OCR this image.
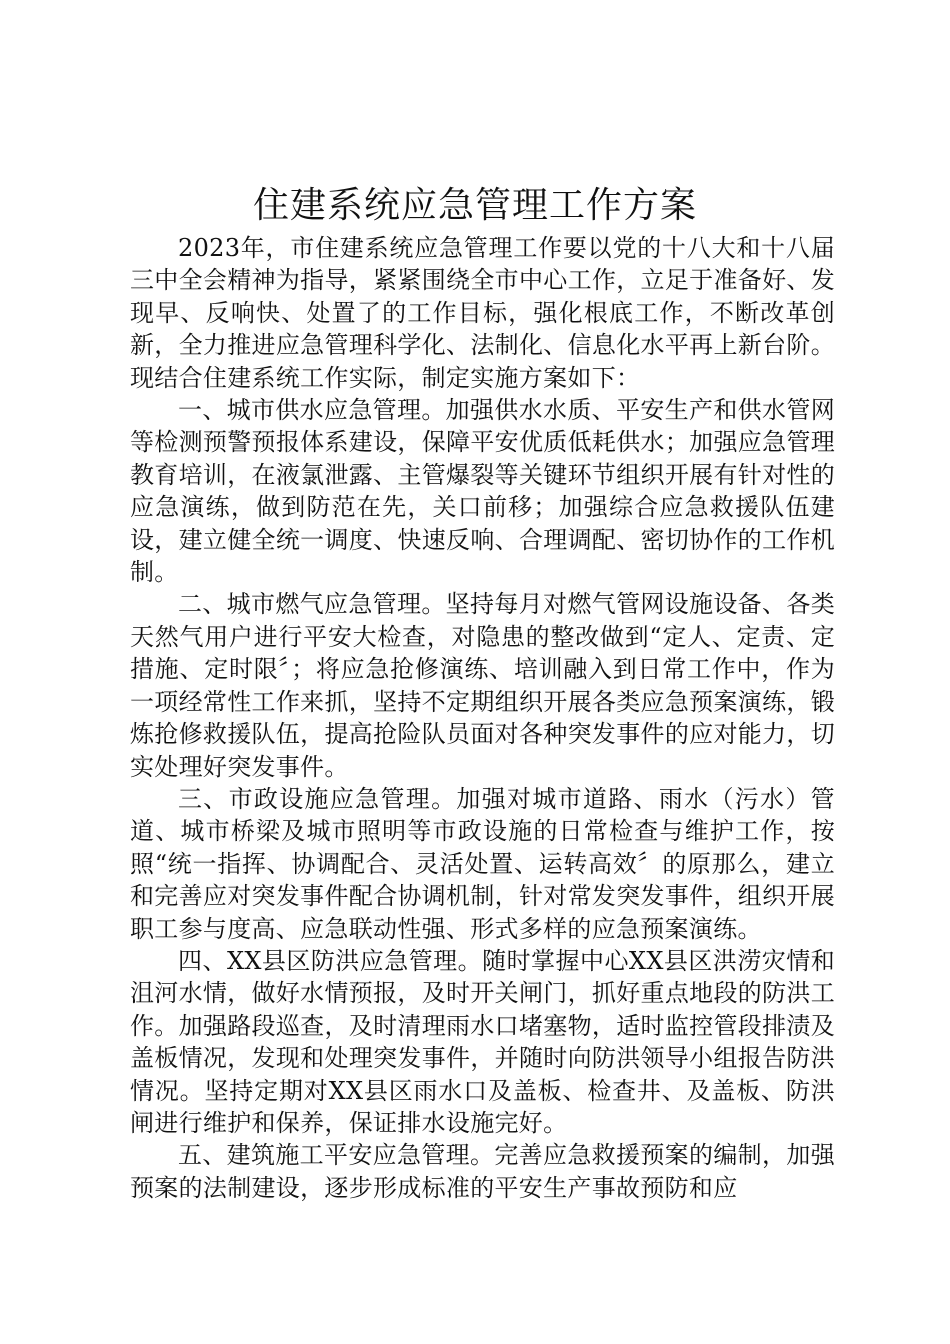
住建系统应急管理工作方案

2023年，市住建系统应急管理工作要以党的十八大和十八届三中全会精神为指导，紧紧围绕全市中心工作，立足于准备好、发现早、反响快、处置了的工作目标，强化根底工作，不断改革创新，全力推进应急管理科学化、法制化、信息化水平再上新台阶。现结合住建系统工作实际，制定实施方案如下：

一、城市供水应急管理。加强供水水质、平安生产和供水管网等检测预警预报体系建设，保障平安优质低耗供水；加强应急管理教育培训，在液氯泄露、主管爆裂等关键环节组织开展有针对性的应急演练，做到防范在先，关口前移；加强综合应急救援队伍建设，建立健全统一调度、快速反响、合理调配、密切协作的工作机制。

二、城市燃气应急管理。坚持每月对燃气管网设施设备、各类天然气用户进行平安大检查，对隐患的整改做到“定人、定责、定措施、定时限〞；将应急抢修演练、培训融入到日常工作中，作为一项经常性工作来抓，坚持不定期组织开展各类应急预案演练，锻炼抢修救援队伍，提高抢险队员面对各种突发事件的应对能力，切实处理好突发事件。

三、市政设施应急管理。加强对城市道路、雨水（污水）管道、城市桥梁及城市照明等市政设施的日常检查与维护工作，按照“统一指挥、协调配合、灵活处置、运转高效〞的原那么，建立和完善应对突发事件配合协调机制，针对常发突发事件，组织开展职工参与度高、应急联动性强、形式多样的应急预案演练。

四、XX县区防洪应急管理。随时掌握中心XX县区洪涝灾情和沮河水情，做好水情预报，及时开关闸门，抓好重点地段的防洪工作。加强路段巡查，及时清理雨水口堵塞物，适时监控管段排渍及盖板情况，发现和处理突发事件，并随时向防洪领导小组报告防洪情况。坚持定期对XX县区雨水口及盖板、检查井、及盖板、防洪闸进行维护和保养，保证排水设施完好。

五、建筑施工平安应急管理。完善应急救援预案的编制，加强预案的法制建设，逐步形成标准的平安生产事故预防和应
